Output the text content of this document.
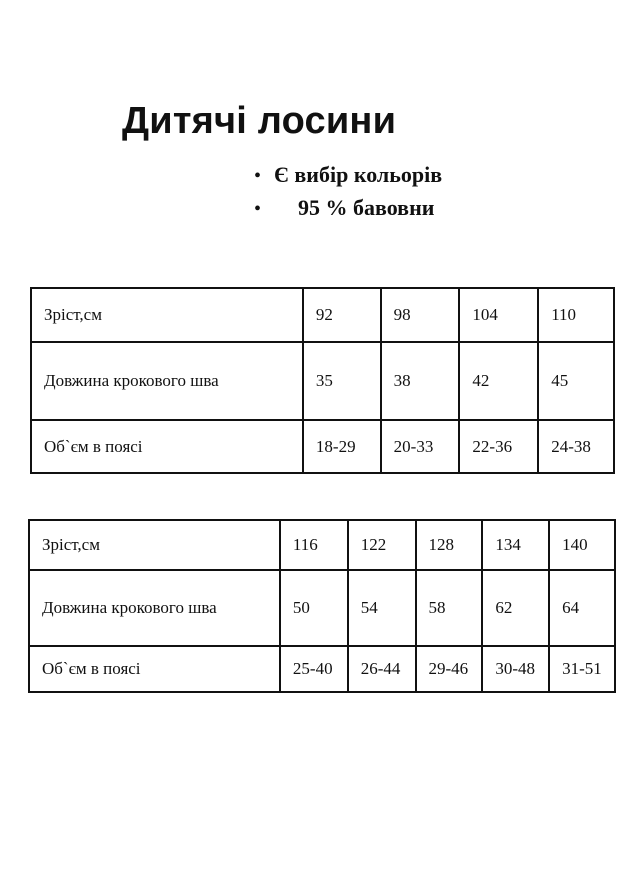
Дитячі лосини
• Є вибір кольорів
• 95 % бавовни
Зріст,см	92	98	104	110
Довжина крокового шва	35	38	42	45
Об`єм в поясі	18-29	20-33	22-36	24-38
Зріст,см	116	122	128	134	140
Довжина крокового шва	50	54	58	62	64
Об`єм в поясі	25-40	26-44	29-46	30-48	31-51
